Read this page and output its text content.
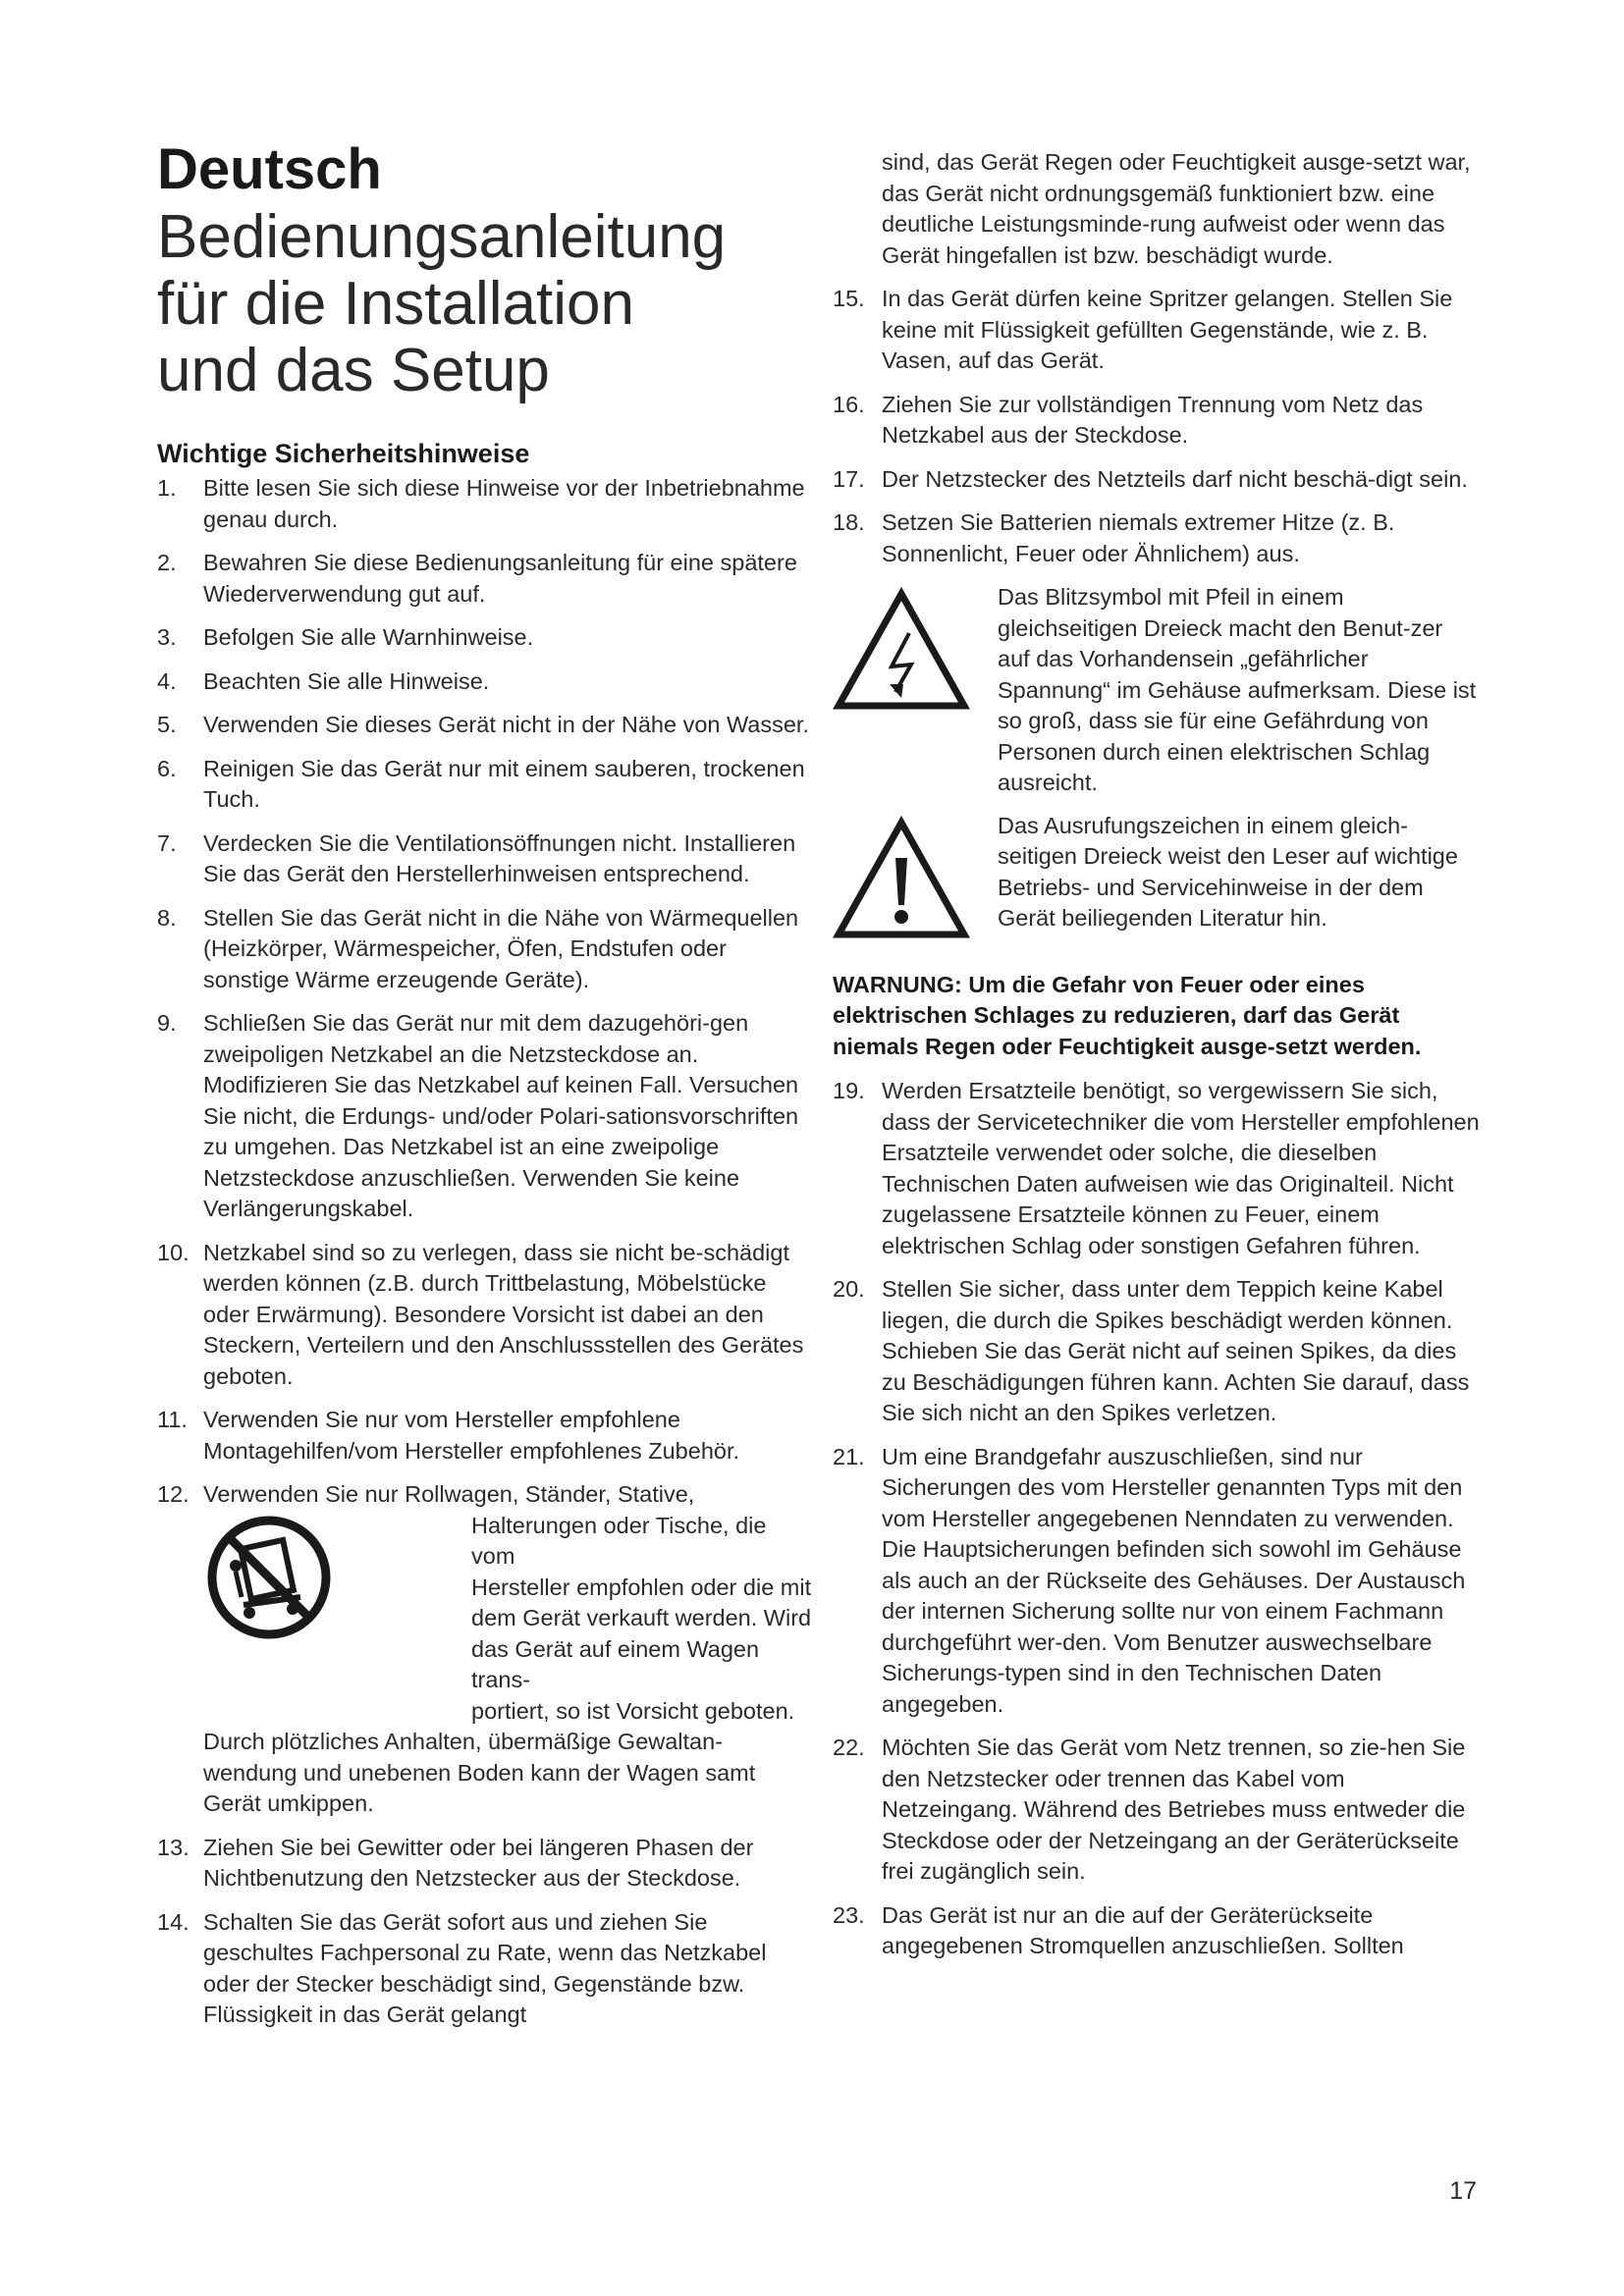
Deutsch
Bedienungsanleitung
für die Installation
und das Setup
Wichtige Sicherheitshinweise
1. Bitte lesen Sie sich diese Hinweise vor der Inbetriebnahme genau durch.
2. Bewahren Sie diese Bedienungsanleitung für eine spätere Wiederverwendung gut auf.
3. Befolgen Sie alle Warnhinweise.
4. Beachten Sie alle Hinweise.
5. Verwenden Sie dieses Gerät nicht in der Nähe von Wasser.
6. Reinigen Sie das Gerät nur mit einem sauberen, trockenen Tuch.
7. Verdecken Sie die Ventilationsöffnungen nicht. Installieren Sie das Gerät den Herstellerhinweisen entsprechend.
8. Stellen Sie das Gerät nicht in die Nähe von Wärmequellen (Heizkörper, Wärmespeicher, Öfen, Endstufen oder sonstige Wärme erzeugende Geräte).
9. Schließen Sie das Gerät nur mit dem dazugehöri-gen zweipoligen Netzkabel an die Netzsteckdose an. Modifizieren Sie das Netzkabel auf keinen Fall. Versuchen Sie nicht, die Erdungs- und/oder Polari-sationsvorschriften zu umgehen. Das Netzkabel ist an eine zweipolige Netzsteckdose anzuschließen. Verwenden Sie keine Verlängerungskabel.
10. Netzkabel sind so zu verlegen, dass sie nicht be-schädigt werden können (z.B. durch Trittbelastung, Möbelstücke oder Erwärmung). Besondere Vorsicht ist dabei an den Steckern, Verteilern und den Anschlussstellen des Gerätes geboten.
11. Verwenden Sie nur vom Hersteller empfohlene Montagehilfen/vom Hersteller empfohlenes Zubehör.
12. Verwenden Sie nur Rollwagen, Ständer, Stative,
Halterungen oder Tische, die vom
Hersteller empfohlen oder die mit
dem Gerät verkauft werden. Wird
das Gerät auf einem Wagen trans-
portiert, so ist Vorsicht geboten.
Durch plötzliches Anhalten, übermäßige Gewaltan-wendung und unebenen Boden kann der Wagen samt Gerät umkippen.
13. Ziehen Sie bei Gewitter oder bei längeren Phasen der Nichtbenutzung den Netzstecker aus der Steckdose.
14. Schalten Sie das Gerät sofort aus und ziehen Sie geschultes Fachpersonal zu Rate, wenn das Netzkabel oder der Stecker beschädigt sind, Gegenstände bzw. Flüssigkeit in das Gerät gelangt

sind, das Gerät Regen oder Feuchtigkeit ausge-setzt war, das Gerät nicht ordnungsgemäß funktioniert bzw. eine deutliche Leistungsminde-rung aufweist oder wenn das Gerät hingefallen ist bzw. beschädigt wurde.

15. In das Gerät dürfen keine Spritzer gelangen. Stellen Sie keine mit Flüssigkeit gefüllten Gegenstände, wie z. B. Vasen, auf das Gerät.
16. Ziehen Sie zur vollständigen Trennung vom Netz das Netzkabel aus der Steckdose.
17. Der Netzstecker des Netzteils darf nicht beschä-digt sein.
18. Setzen Sie Batterien niemals extremer Hitze (z. B. Sonnenlicht, Feuer oder Ähnlichem) aus.
Das Blitzsymbol mit Pfeil in einem gleichseitigen Dreieck macht den Benut-zer auf das Vorhandensein „gefährlicher Spannung“ im Gehäuse aufmerksam. Diese ist so groß, dass sie für eine Gefährdung von Personen durch einen elektrischen Schlag ausreicht.
Das Ausrufungszeichen in einem gleich-seitigen Dreieck weist den Leser auf wichtige Betriebs- und Servicehinweise in der dem Gerät beiliegenden Literatur hin.
WARNUNG: Um die Gefahr von Feuer oder eines elektrischen Schlages zu reduzieren, darf das Gerät niemals Regen oder Feuchtigkeit ausge-setzt werden.
19. Werden Ersatzteile benötigt, so vergewissern Sie sich, dass der Servicetechniker die vom Hersteller empfohlenen Ersatzteile verwendet oder solche, die dieselben Technischen Daten aufweisen wie das Originalteil. Nicht zugelassene Ersatzteile können zu Feuer, einem elektrischen Schlag oder sonstigen Gefahren führen.
20. Stellen Sie sicher, dass unter dem Teppich keine Kabel liegen, die durch die Spikes beschädigt werden können. Schieben Sie das Gerät nicht auf seinen Spikes, da dies zu Beschädigungen führen kann. Achten Sie darauf, dass Sie sich nicht an den Spikes verletzen.
21. Um eine Brandgefahr auszuschließen, sind nur Sicherungen des vom Hersteller genannten Typs mit den vom Hersteller angegebenen Nenndaten zu verwenden. Die Hauptsicherungen befinden sich sowohl im Gehäuse als auch an der Rückseite des Gehäuses. Der Austausch der internen Sicherung sollte nur von einem Fachmann durchgeführt wer-den. Vom Benutzer auswechselbare Sicherungs-typen sind in den Technischen Daten angegeben.
22. Möchten Sie das Gerät vom Netz trennen, so zie-hen Sie den Netzstecker oder trennen das Kabel vom Netzeingang. Während des Betriebes muss entweder die Steckdose oder der Netzeingang an der Geräterückseite frei zugänglich sein.
23. Das Gerät ist nur an die auf der Geräterückseite angegebenen Stromquellen anzuschließen. Sollten
17
